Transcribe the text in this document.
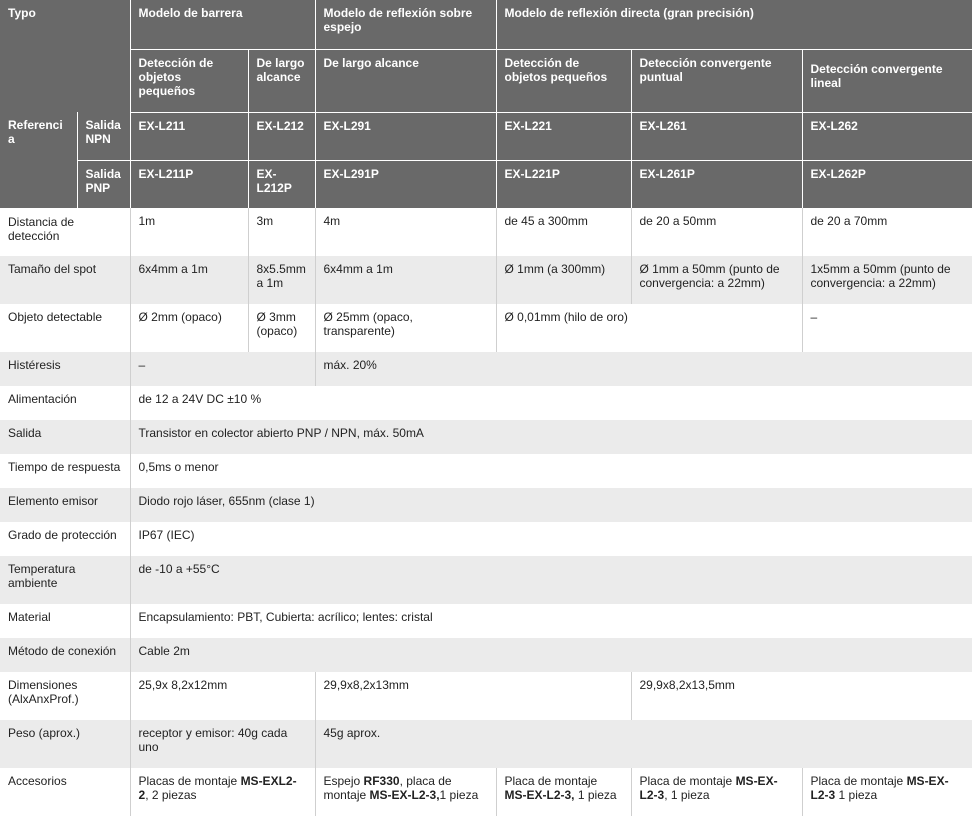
Typo		Modelo de barrera		Modelo de reflexión sobre espejo	Modelo de reflexión directa (gran precisión)		
		Detección de objetos pequeños	De largo alcance	De largo alcance	Detección de objetos pequeños	Detección convergente puntual	Detección convergente lineal
Referencia	Salida NPN	EX-L211	EX-L212	EX-L291	EX-L221	EX-L261	EX-L262
	Salida PNP	EX-L211P	EX-L212P	EX-L291P	EX-L221P	EX-L261P	EX-L262P
Distancia de detección		1m	3m	4m	de 45 a 300mm	de 20 a 50mm	de 20 a 70mm
Tamaño del spot		6x4mm a 1m	8x5.5mm a 1m	6x4mm a 1m	Ø 1mm (a 300mm)	Ø 1mm a 50mm (punto de convergencia: a 22mm)	1x5mm a 50mm (punto de convergencia: a 22mm)
Objeto detectable		Ø 2mm (opaco)	Ø 3mm (opaco)	Ø 25mm (opaco, transparente)	Ø 0,01mm (hilo de oro)		–
Histéresis		–		máx. 20%			
Alimentación		de 12 a 24V DC ±10 %					
Salida		Transistor en colector abierto PNP / NPN, máx. 50mA					
Tiempo de respuesta		0,5ms o menor					
Elemento emisor		Diodo rojo láser, 655nm (clase 1)					
Grado de protección		IP67 (IEC)					
Temperatura ambiente		de -10 a +55°C					
Material		Encapsulamiento: PBT, Cubierta: acrílico; lentes: cristal					
Método de conexión		Cable 2m					
Dimensiones (AlxAnxProf.)		25,9x 8,2x12mm		29,9x8,2x13mm		29,9x8,2x13,5mm	
Peso (aprox.)		receptor y emisor: 40g cada uno		45g aprox.			
Accesorios		Placas de montaje MS-EXL2-2, 2 piezas		Espejo RF330, placa de montaje MS-EX-L2-3,1 pieza	Placa de montaje MS-EX-L2-3, 1 pieza	Placa de montaje MS-EX-L2-3, 1 pieza	Placa de montaje MS-EX-L2-3 1 pieza
